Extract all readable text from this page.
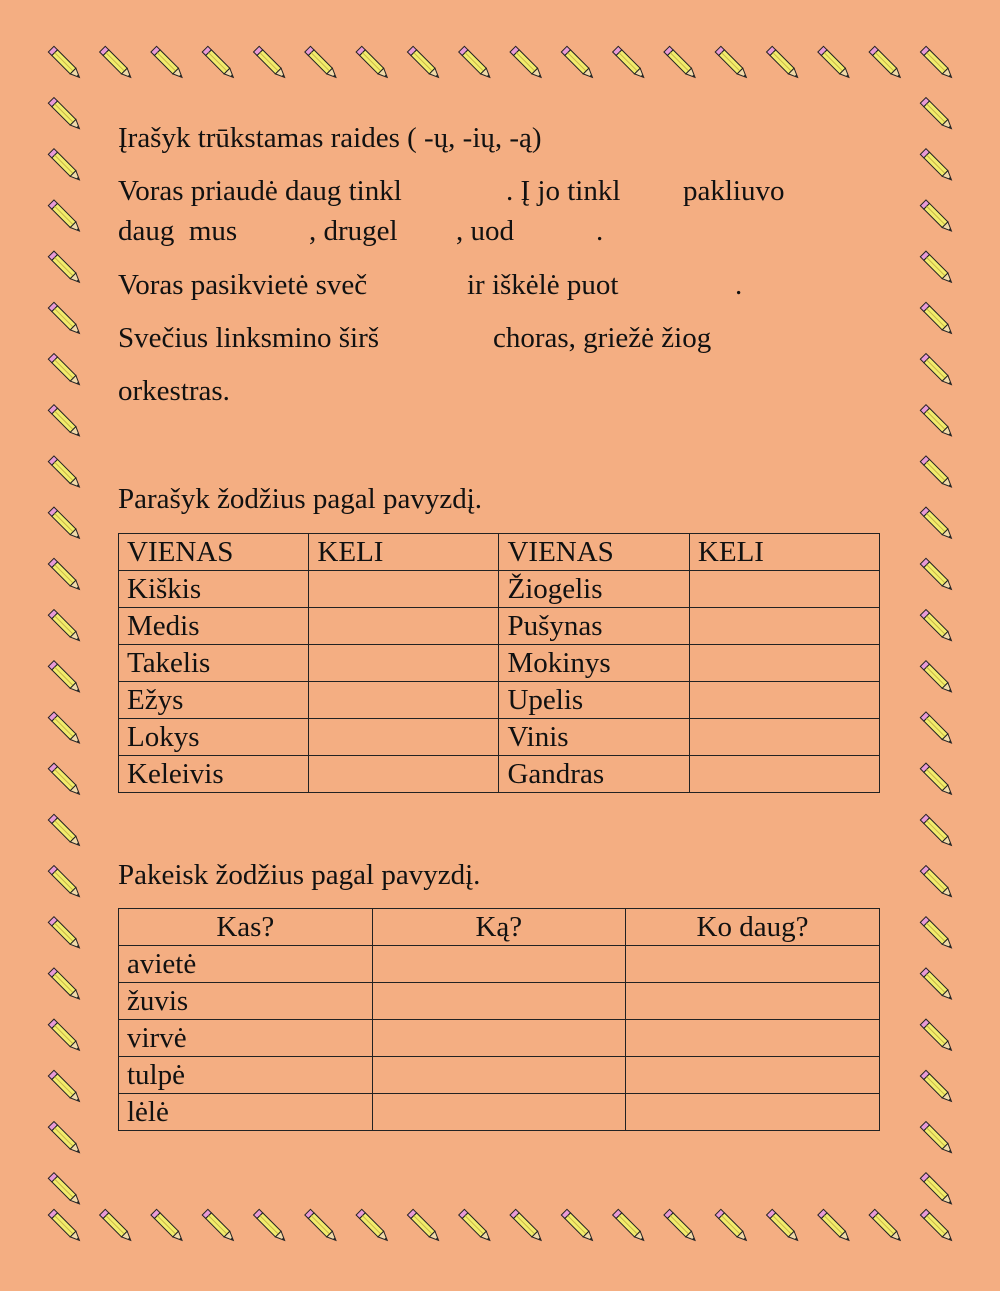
Įrašyk trūkstamas raides ( -ų, -ių, -ą)
Voras priaudė daug tinkl	. Į jo tinkl pakliuvo
daug  mus , drugel , uod	.
Voras pasikvietė sveč	ir iškėlė puot	.
Svečius linksmino širš	choras, griežė žiog
orkestras.
Parašyk žodžius pagal pavyzdį.
VIENAS	KELI	VIENAS	KELI
Kiškis		Žiogelis	
Medis		Pušynas	
Takelis		Mokinys	
Ežys		Upelis	
Lokys		Vinis	
Keleivis		Gandras	
Pakeisk žodžius pagal pavyzdį.
Kas?	Ką?	Ko daug?
avietė		
žuvis		
virvė		
tulpė		
lėlė		
